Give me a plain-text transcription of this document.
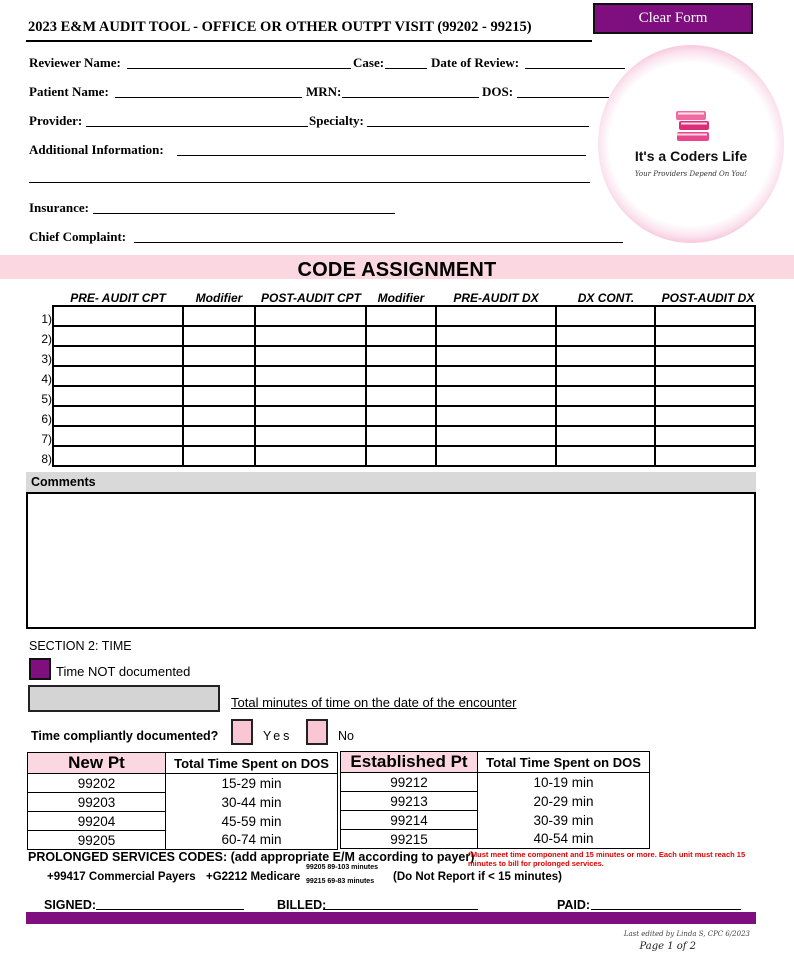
2023 E&M AUDIT TOOL - OFFICE OR OTHER OUTPT VISIT (99202 - 99215)
Clear Form
Reviewer Name:	Case:	Date of Review:
Patient Name:	MRN:	DOS:
Provider:	Specialty:
Additional Information:
Insurance:
Chief Complaint:
It's a Coders Life
Your Providers Depend On You!
CODE ASSIGNMENT
PRE- AUDIT CPT	Modifier	POST-AUDIT CPT	Modifier	PRE-AUDIT DX	DX CONT.	POST-AUDIT DX
1)
2)
3)
4)
5)
6)
7)
8)
Comments
SECTION 2: TIME
Time NOT documented
Total minutes of time on the date of the encounter
Time compliantly documented?	Yes	No
New Pt	Total Time Spent on DOS
99202	15-29 min
99203	30-44 min
99204	45-59 min
99205	60-74 min
Established Pt	Total Time Spent on DOS
99212	10-19 min
99213	20-29 min
99214	30-39 min
99215	40-54 min
PROLONGED SERVICES CODES: (add appropriate E/M according to payer)
*Must meet time component and 15 minutes or more. Each unit must reach 15 minutes to bill for prolonged services.
+99417 Commercial Payers +G2212 Medicare
99205 89-103 minutes
99215 69-83 minutes (Do Not Report if < 15 minutes)
SIGNED:	BILLED:	PAID:
Last edited by Linda S, CPC 6/2023
Page 1 of 2
